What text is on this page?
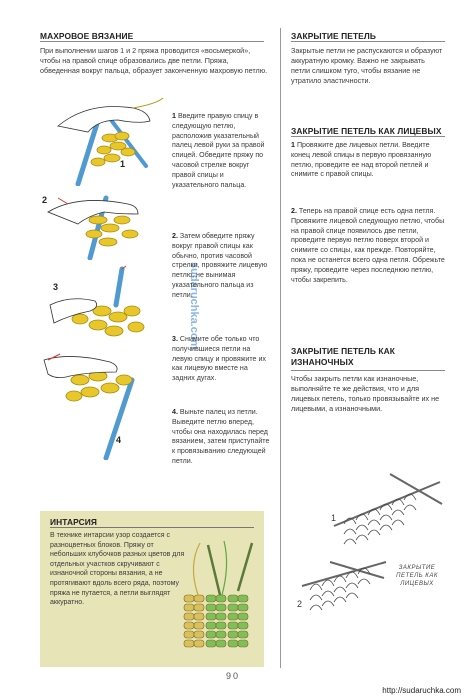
МАХРОВОЕ ВЯЗАНИЕ
При выполнении шагов 1 и 2 пряжа проводится «восьмеркой», чтобы на правой спице образовались две петли. Пряжа, обведенная вокруг пальца, образует законченную махровую петлю.
1
2
3
4
sudaruchka.com
1 Введите правую спицу в следующую петлю, расположив указательный палец левой руки за правой спицей. Обведите пряжу по часовой стрелке вокруг правой спицы и указательного пальца.
2. Затем обведите пряжу вокруг правой спицы как обычно, против часовой стрелки, провяжите лицевую петлю, не вынимая указательного пальца из петли.
3. Снимите обе только что получившиеся петли на левую спицу и провяжите их как лицевую вместе на задних дугах.
4. Выньте палец из петли. Выведите петлю вперед, чтобы она находилась перед вязанием, затем приступайте к провязыванию следующей петли.
ИНТАРСИЯ
В технике интарсии узор создается с разноцветных блоков. Пряжу от небольших клубочков разных цветов для отдельных участков скручивают с изнаночной стороны вязания, а не протягивают вдоль всего ряда, поэтому пряжа не путается, а петли выглядят аккуратно.
ЗАКРЫТИЕ ПЕТЕЛЬ
Закрытые петли не распускаются и образуют аккуратную кромку. Важно не закрывать петли слишком туго, чтобы вязание не утратило эластичности.
ЗАКРЫТИЕ ПЕТЕЛЬ КАК ЛИЦЕВЫХ
1 Провяжите две лицевых петли. Введите конец левой спицы в первую провязанную петлю, проведите ее над второй петлей и снимите с правой спицы.
2. Теперь на правой спице есть одна петля. Провяжите лицевой следующую петлю, чтобы на правой спице появилось две петли, проведите первую петлю поверх второй и снимите со спицы, как прежде. Повторяйте, пока не останется всего одна петля. Обрежьте пряжу, проведите через последнюю петлю, чтобы закрепить.
ЗАКРЫТИЕ ПЕТЕЛЬ КАК ИЗНАНОЧНЫХ
Чтобы закрыть петли как изнаночные, выполняйте те же действия, что и для лицевых петель, только провязывайте их не лицевыми, а изнаночными.
1
2
ЗАКРЫТИЕ ПЕТЕЛЬ КАК ЛИЦЕВЫХ
90
http://sudaruchka.com
